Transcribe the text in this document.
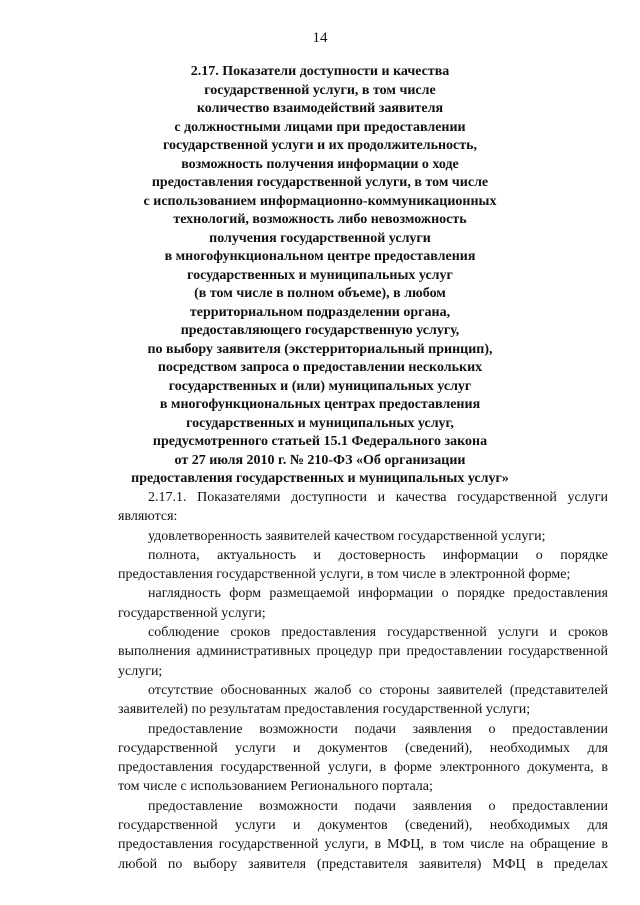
14
2.17. Показатели доступности и качества
государственной услуги, в том числе
количество взаимодействий заявителя
с должностными лицами при предоставлении
государственной услуги и их продолжительность,
возможность получения информации о ходе
предоставления государственной услуги, в том числе
с использованием информационно-коммуникационных
технологий, возможность либо невозможность
получения государственной услуги
в многофункциональном центре предоставления
государственных и муниципальных услуг
(в том числе в полном объеме), в любом
территориальном подразделении органа,
предоставляющего государственную услугу,
по выбору заявителя (экстерриториальный принцип),
посредством запроса о предоставлении нескольких
государственных и (или) муниципальных услуг
в многофункциональных центрах предоставления
государственных и муниципальных услуг,
предусмотренного статьей 15.1 Федерального закона
от 27 июля 2010 г. № 210-ФЗ «Об организации
предоставления государственных и муниципальных услуг»
2.17.1. Показателями доступности и качества государственной услуги
являются:
удовлетворенность заявителей качеством государственной услуги;
полнота, актуальность и достоверность информации о порядке
предоставления государственной услуги, в том числе в электронной форме;
наглядность форм размещаемой информации о порядке предоставления
государственной услуги;
соблюдение сроков предоставления государственной услуги и сроков
выполнения административных процедур при предоставлении государственной
услуги;
отсутствие обоснованных жалоб со стороны заявителей (представителей
заявителей) по результатам предоставления государственной услуги;
предоставление возможности подачи заявления о предоставлении
государственной услуги и документов (сведений), необходимых для
предоставления государственной услуги, в форме электронного документа, в
том числе с использованием Регионального портала;
предоставление возможности подачи заявления о предоставлении
государственной услуги и документов (сведений), необходимых для
предоставления государственной услуги, в МФЦ, в том числе на обращение в
любой по выбору заявителя (представителя заявителя) МФЦ в пределах
